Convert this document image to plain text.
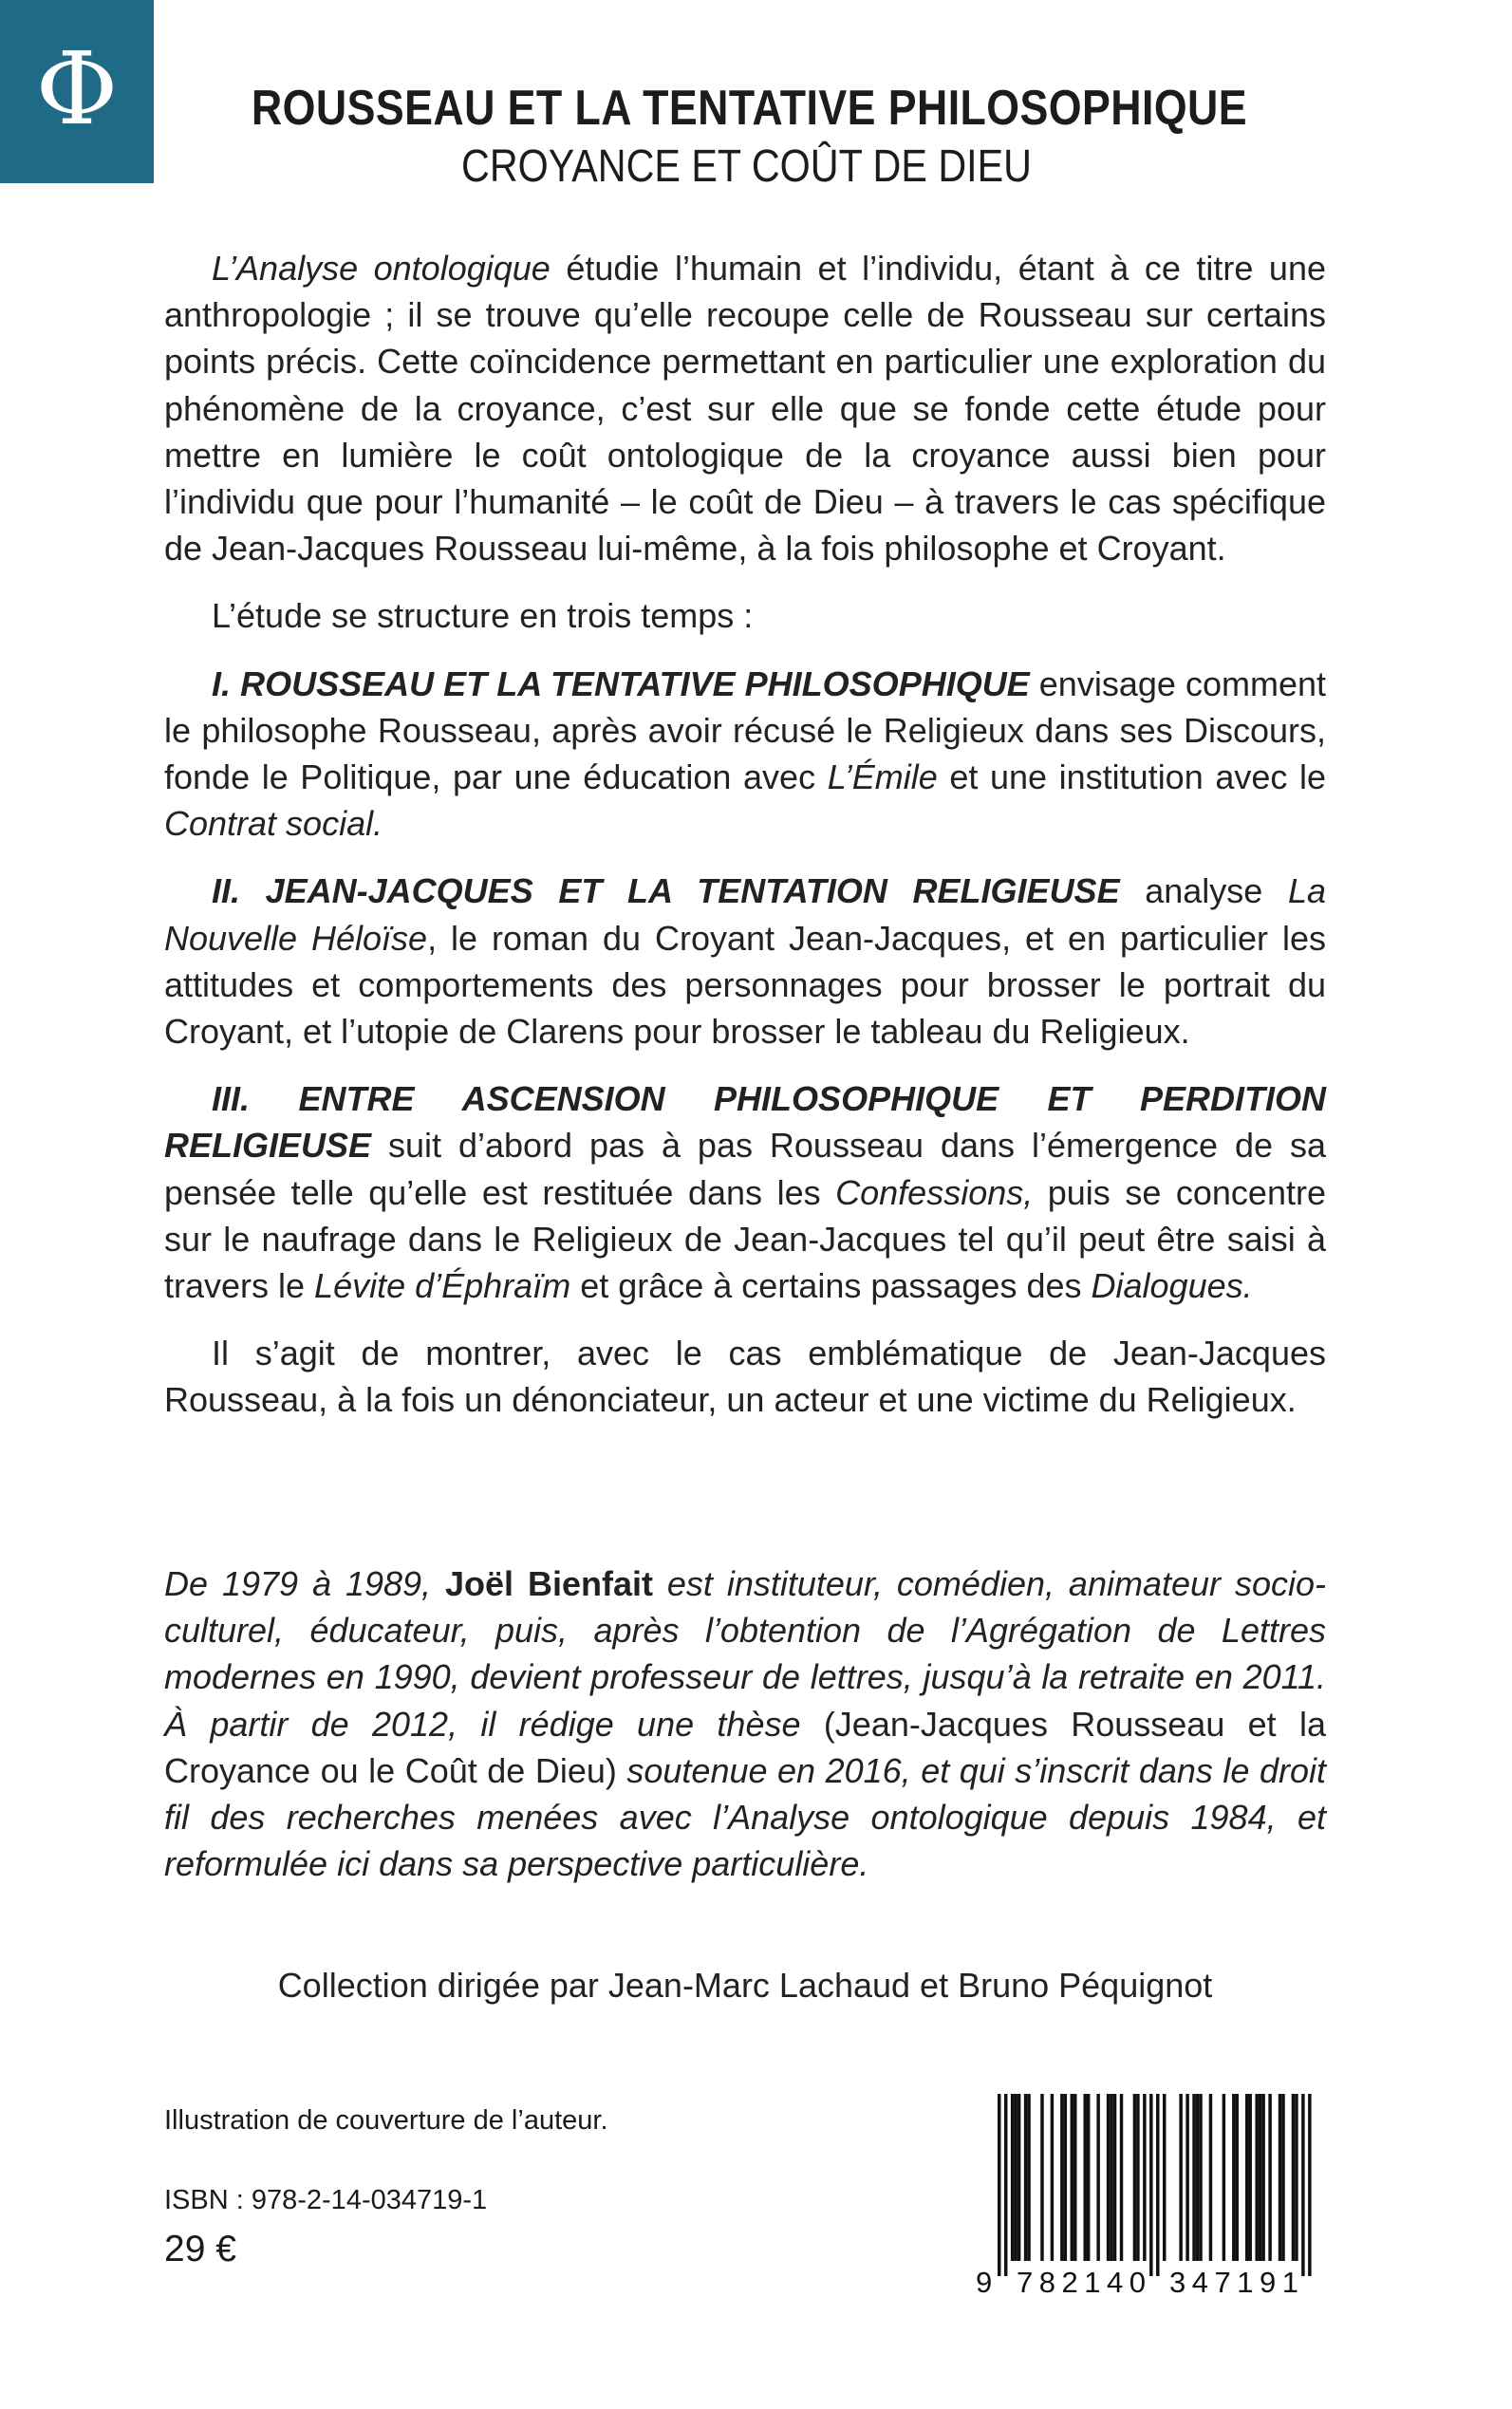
Φ	ROUSSEAU ET LA TENTATIVE PHILOSOPHIQUE
CROYANCE ET COÛT DE DIEU

L’Analyse ontologique étudie l’humain et l’individu, étant à ce titre une anthropologie ; il se trouve qu’elle recoupe celle de Rousseau sur certains points précis. Cette coïncidence permettant en particulier une exploration du phénomène de la croyance, c’est sur elle que se fonde cette étude pour mettre en lumière le coût ontologique de la croyance aussi bien pour l’individu que pour l’humanité – le coût de Dieu – à travers le cas spécifique de Jean-Jacques Rousseau lui-même, à la fois philosophe et Croyant.

L’étude se structure en trois temps :

I. ROUSSEAU ET LA TENTATIVE PHILOSOPHIQUE envisage comment le philosophe Rousseau, après avoir récusé le Religieux dans ses Discours, fonde le Politique, par une éducation avec L’Émile et une institution avec le Contrat social.

II. JEAN-JACQUES ET LA TENTATION RELIGIEUSE analyse La Nouvelle Héloïse, le roman du Croyant Jean-Jacques, et en particulier les attitudes et comportements des personnages pour brosser le portrait du Croyant, et l’utopie de Clarens pour brosser le tableau du Religieux.

III. ENTRE ASCENSION PHILOSOPHIQUE ET PERDITION RELIGIEUSE suit d’abord pas à pas Rousseau dans l’émergence de sa pensée telle qu’elle est restituée dans les Confessions, puis se concentre sur le naufrage dans le Religieux de Jean-Jacques tel qu’il peut être saisi à travers le Lévite d’Éphraïm et grâce à certains passages des Dialogues.

Il s’agit de montrer, avec le cas emblématique de Jean-Jacques Rousseau, à la fois un dénonciateur, un acteur et une victime du Religieux.

De 1979 à 1989, Joël Bienfait est instituteur, comédien, animateur socio-culturel, éducateur, puis, après l’obtention de l’Agrégation de Lettres modernes en 1990, devient professeur de lettres, jusqu’à la retraite en 2011. À partir de 2012, il rédige une thèse (Jean-Jacques Rousseau et la Croyance ou le Coût de Dieu) soutenue en 2016, et qui s’inscrit dans le droit fil des recherches menées avec l’Analyse ontologique depuis 1984, et reformulée ici dans sa perspective particulière.
Collection dirigée par Jean-Marc Lachaud et Bruno Péquignot
Illustration de couverture de l’auteur.
ISBN : 978-2-14-034719-1
29 €
9 782140 347191
